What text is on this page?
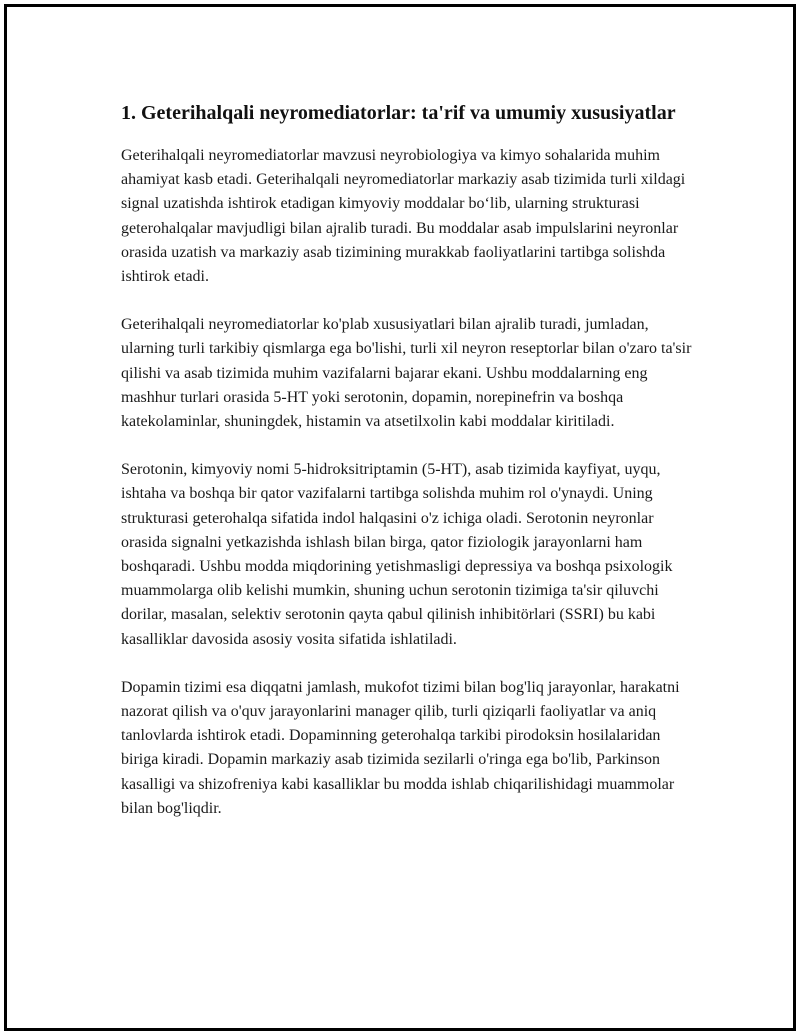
1. Geterihalqali neyromediatorlar: ta'rif va umumiy xususiyatlar

Geterihalqali neyromediatorlar mavzusi neyrobiologiya va kimyo sohalarida muhim ahamiyat kasb etadi. Geterihalqali neyromediatorlar markaziy asab tizimida turli xildagi signal uzatishda ishtirok etadigan kimyoviy moddalar bo‘lib, ularning strukturasi geterohalqalar mavjudligi bilan ajralib turadi. Bu moddalar asab impulslarini neyronlar orasida uzatish va markaziy asab tizimining murakkab faoliyatlarini tartibga solishda ishtirok etadi.

Geterihalqali neyromediatorlar ko'plab xususiyatlari bilan ajralib turadi, jumladan, ularning turli tarkibiy qismlarga ega bo'lishi, turli xil neyron reseptorlar bilan o'zaro ta'sir qilishi va asab tizimida muhim vazifalarni bajarar ekani. Ushbu moddalarning eng mashhur turlari orasida 5-HT yoki serotonin, dopamin, norepinefrin va boshqa katekolaminlar, shuningdek, histamin va atsetilxolin kabi moddalar kiritiladi.

Serotonin, kimyoviy nomi 5-hidroksitriptamin (5-HT), asab tizimida kayfiyat, uyqu, ishtaha va boshqa bir qator vazifalarni tartibga solishda muhim rol o'ynaydi. Uning strukturasi geterohalqa sifatida indol halqasini o'z ichiga oladi. Serotonin neyronlar orasida signalni yetkazishda ishlash bilan birga, qator fiziologik jarayonlarni ham boshqaradi. Ushbu modda miqdorining yetishmasligi depressiya va boshqa psixologik muammolarga olib kelishi mumkin, shuning uchun serotonin tizimiga ta'sir qiluvchi dorilar, masalan, selektiv serotonin qayta qabul qilinish inhibitörlari (SSRI) bu kabi kasalliklar davosida asosiy vosita sifatida ishlatiladi.

Dopamin tizimi esa diqqatni jamlash, mukofot tizimi bilan bog'liq jarayonlar, harakatni nazorat qilish va o'quv jarayonlarini manager qilib, turli qiziqarli faoliyatlar va aniq tanlovlarda ishtirok etadi. Dopaminning geterohalqa tarkibi pirodoksin hosilalaridan biriga kiradi. Dopamin markaziy asab tizimida sezilarli o'ringa ega bo'lib, Parkinson kasalligi va shizofreniya kabi kasalliklar bu modda ishlab chiqarilishidagi muammolar bilan bog'liqdir.
